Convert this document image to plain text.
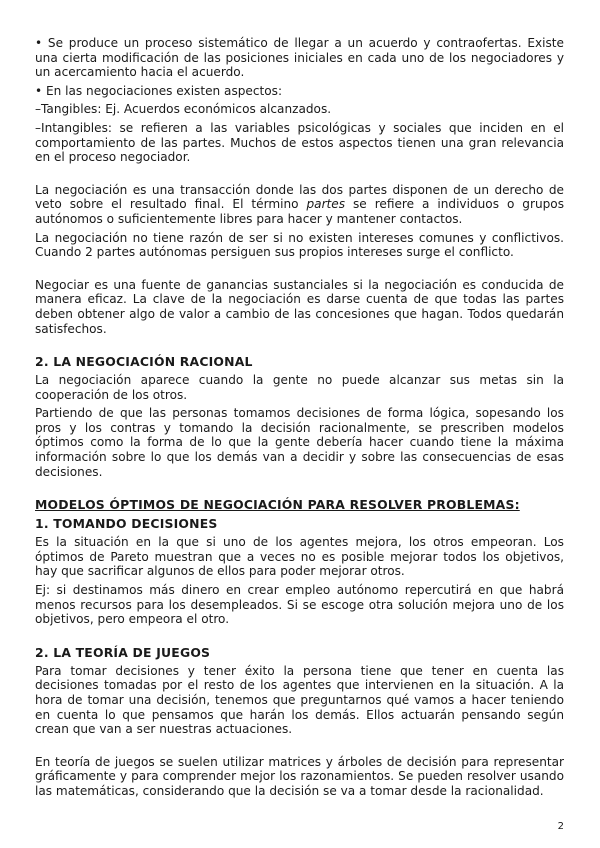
• Se produce un proceso sistemático de llegar a un acuerdo y contraofertas. Existe una cierta modificación de las posiciones iniciales en cada uno de los negociadores y un acercamiento hacia el acuerdo.

• En las negociaciones existen aspectos:

–Tangibles: Ej. Acuerdos económicos alcanzados.

–Intangibles: se refieren a las variables psicológicas y sociales que inciden en el comportamiento de las partes. Muchos de estos aspectos tienen una gran relevancia en el proceso negociador.

La negociación es una transacción donde las dos partes disponen de un derecho de veto sobre el resultado final. El término partes se refiere a individuos o grupos autónomos o suficientemente libres para hacer y mantener contactos.

La negociación no tiene razón de ser si no existen intereses comunes y conflictivos. Cuando 2 partes autónomas persiguen sus propios intereses surge el conflicto.

Negociar es una fuente de ganancias sustanciales si la negociación es conducida de manera eficaz. La clave de la negociación es darse cuenta de que todas las partes deben obtener algo de valor a cambio de las concesiones que hagan. Todos quedarán satisfechos.

2. LA NEGOCIACIÓN RACIONAL

La negociación aparece cuando la gente no puede alcanzar sus metas sin la cooperación de los otros.

Partiendo de que las personas tomamos decisiones de forma lógica, sopesando los pros y los contras y tomando la decisión racionalmente, se prescriben modelos óptimos como la forma de lo que la gente debería hacer cuando tiene la máxima información sobre lo que los demás van a decidir y sobre las consecuencias de esas decisiones.

MODELOS ÓPTIMOS DE NEGOCIACIÓN PARA RESOLVER PROBLEMAS:
1. TOMANDO DECISIONES

Es la situación en la que si uno de los agentes mejora, los otros empeoran. Los óptimos de Pareto muestran que a veces no es posible mejorar todos los objetivos, hay que sacrificar algunos de ellos para poder mejorar otros.

Ej: si destinamos más dinero en crear empleo autónomo repercutirá en que habrá menos recursos para los desempleados. Si se escoge otra solución mejora uno de los objetivos, pero empeora el otro.

2. LA TEORÍA DE JUEGOS

Para tomar decisiones y tener éxito la persona tiene que tener en cuenta las decisiones tomadas por el resto de los agentes que intervienen en la situación. A la hora de tomar una decisión, tenemos que preguntarnos qué vamos a hacer teniendo en cuenta lo que pensamos que harán los demás. Ellos actuarán pensando según crean que van a ser nuestras actuaciones.

En teoría de juegos se suelen utilizar matrices y árboles de decisión para representar gráficamente y para comprender mejor los razonamientos. Se pueden resolver usando las matemáticas, considerando que la decisión se va a tomar desde la racionalidad.

2
